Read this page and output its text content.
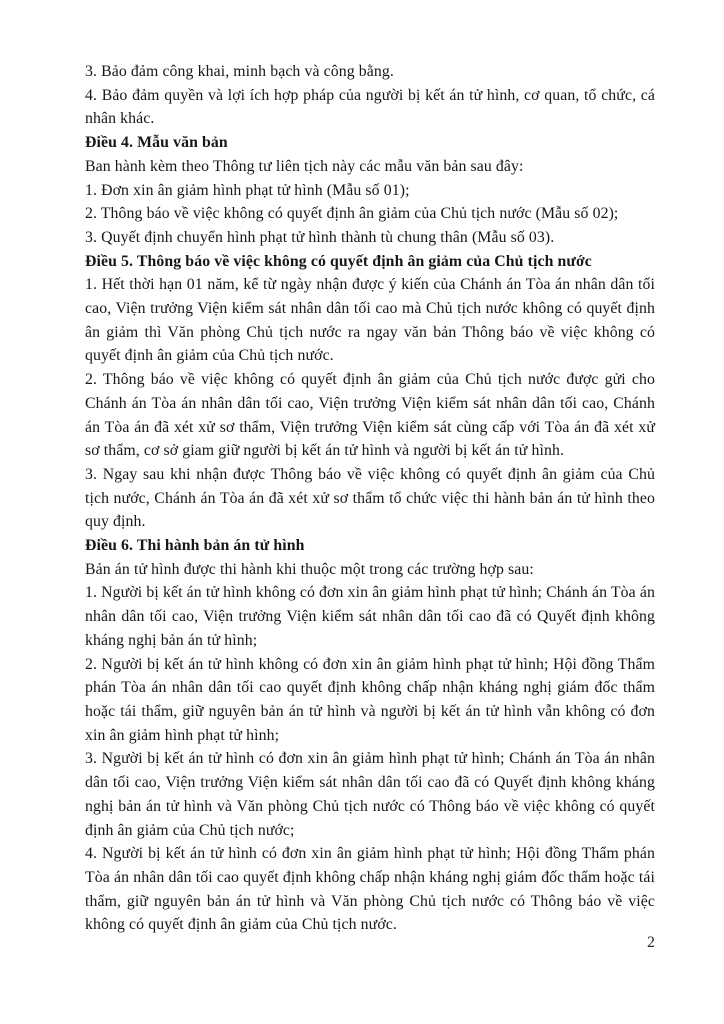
3. Bảo đảm công khai, minh bạch và công bằng.

4. Bảo đảm quyền và lợi ích hợp pháp của người bị kết án tử hình, cơ quan, tổ chức, cá nhân khác.

Điều 4. Mẫu văn bản

Ban hành kèm theo Thông tư liên tịch này các mẫu văn bản sau đây:

1. Đơn xin ân giảm hình phạt tử hình (Mẫu số 01);

2. Thông báo về việc không có quyết định ân giảm của Chủ tịch nước (Mẫu số 02);

3. Quyết định chuyển hình phạt tử hình thành tù chung thân (Mẫu số 03).

Điều 5. Thông báo về việc không có quyết định ân giảm của Chủ tịch nước

1. Hết thời hạn 01 năm, kể từ ngày nhận được ý kiến của Chánh án Tòa án nhân dân tối cao, Viện trưởng Viện kiểm sát nhân dân tối cao mà Chủ tịch nước không có quyết định ân giảm thì Văn phòng Chủ tịch nước ra ngay văn bản Thông báo về việc không có quyết định ân giảm của Chủ tịch nước.

2. Thông báo về việc không có quyết định ân giảm của Chủ tịch nước được gửi cho Chánh án Tòa án nhân dân tối cao, Viện trưởng Viện kiểm sát nhân dân tối cao, Chánh án Tòa án đã xét xử sơ thẩm, Viện trưởng Viện kiểm sát cùng cấp với Tòa án đã xét xử sơ thẩm, cơ sở giam giữ người bị kết án tử hình và người bị kết án tử hình.

3. Ngay sau khi nhận được Thông báo về việc không có quyết định ân giảm của Chủ tịch nước, Chánh án Tòa án đã xét xử sơ thẩm tổ chức việc thi hành bản án tử hình theo quy định.

Điều 6. Thi hành bản án tử hình

Bản án tử hình được thi hành khi thuộc một trong các trường hợp sau:

1. Người bị kết án tử hình không có đơn xin ân giảm hình phạt tử hình; Chánh án Tòa án nhân dân tối cao, Viện trưởng Viện kiểm sát nhân dân tối cao đã có Quyết định không kháng nghị bản án tử hình;

2. Người bị kết án tử hình không có đơn xin ân giảm hình phạt tử hình; Hội đồng Thẩm phán Tòa án nhân dân tối cao quyết định không chấp nhận kháng nghị giám đốc thẩm hoặc tái thẩm, giữ nguyên bản án tử hình và người bị kết án tử hình vẫn không có đơn xin ân giảm hình phạt tử hình;

3. Người bị kết án tử hình có đơn xin ân giảm hình phạt tử hình; Chánh án Tòa án nhân dân tối cao, Viện trưởng Viện kiểm sát nhân dân tối cao đã có Quyết định không kháng nghị bản án tử hình và Văn phòng Chủ tịch nước có Thông báo về việc không có quyết định ân giảm của Chủ tịch nước;

4. Người bị kết án tử hình có đơn xin ân giảm hình phạt tử hình; Hội đồng Thẩm phán Tòa án nhân dân tối cao quyết định không chấp nhận kháng nghị giám đốc thẩm hoặc tái thẩm, giữ nguyên bản án tử hình và Văn phòng Chủ tịch nước có Thông báo về việc không có quyết định ân giảm của Chủ tịch nước.

2
